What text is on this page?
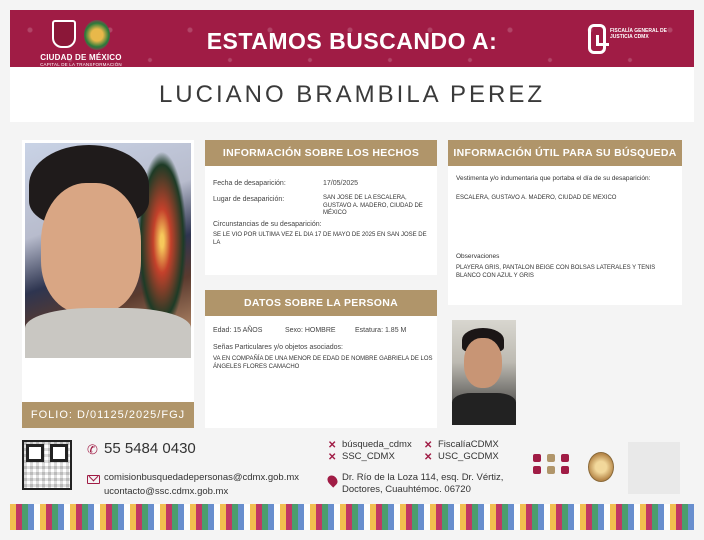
CIUDAD DE MÉXICO
CAPITAL DE LA TRANSFORMACIÓN
ESTAMOS BUSCANDO A:	FISCALÍA GENERAL DE JUSTICIA CDMX
LUCIANO BRAMBILA PEREZ
FOLIO: D/01125/2025/FGJ
INFORMACIÓN SOBRE LOS HECHOS
Fecha de desaparición:	17/05/2025
Lugar de desaparición:	SAN JOSE DE LA ESCALERA, GUSTAVO A. MADERO, CIUDAD DE MÉXICO
Circunstancias de su desaparición:
SE LE VIO POR ULTIMA VEZ EL DIA 17 DE MAYO DE 2025 EN SAN JOSE DE LA
INFORMACIÓN ÚTIL PARA SU BÚSQUEDA
Vestimenta y/o indumentaria que portaba el día de su desaparición:
ESCALERA, GUSTAVO A. MADERO, CIUDAD DE MEXICO
Observaciones
PLAYERA GRIS, PANTALON BEIGE CON BOLSAS LATERALES Y TENIS BLANCO CON AZUL Y GRIS
DATOS SOBRE LA PERSONA
Edad: 15 AÑOS	Sexo: HOMBRE	Estatura: 1.85 M
Señas Particulares y/o objetos asociados:
VA EN COMPAÑÍA DE UNA MENOR DE EDAD DE NOMBRE GABRIELA DE LOS ÁNGELES FLORES CAMACHO
✆ 55 5484 0430
comisionbusquedadepersonas@cdmx.gob.mx
ucontacto@ssc.cdmx.gob.mx
✕ búsqueda_cdmx ✕ FiscalíaCDMX
✕ SSC_CDMX	✕ USC_GCDMX
Dr. Río de la Loza 114, esq. Dr. Vértiz, Doctores, Cuauhtémoc. 06720
